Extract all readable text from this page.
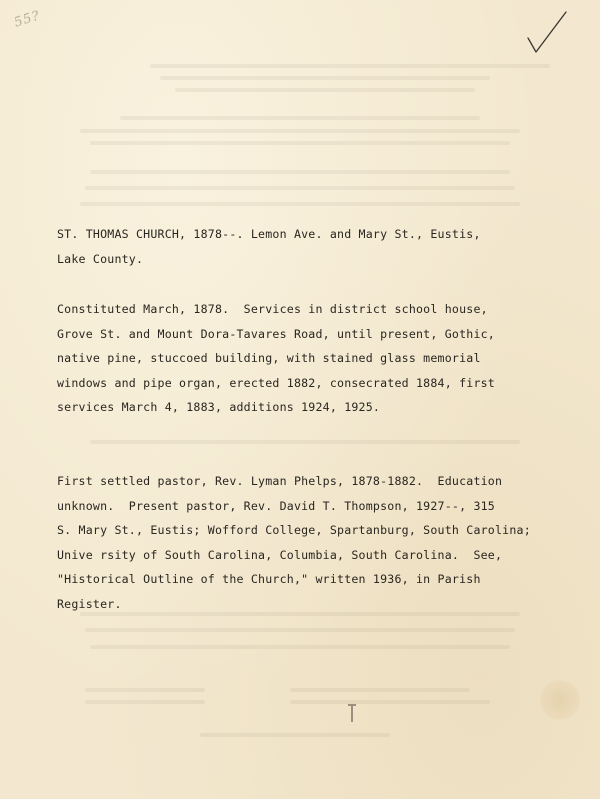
55?
ST. THOMAS CHURCH, 1878--. Lemon Ave. and Mary St., Eustis,
Lake County.
Constituted March, 1878.  Services in district school house,
Grove St. and Mount Dora-Tavares Road, until present, Gothic,
native pine, stuccoed building, with stained glass memorial
windows and pipe organ, erected 1882, consecrated 1884, first
services March 4, 1883, additions 1924, 1925.
First settled pastor, Rev. Lyman Phelps, 1878-1882.  Education
unknown.  Present pastor, Rev. David T. Thompson, 1927--, 315
S. Mary St., Eustis; Wofford College, Spartanburg, South Carolina;
Unive rsity of South Carolina, Columbia, South Carolina.  See,
"Historical Outline of the Church," written 1936, in Parish
Register.
